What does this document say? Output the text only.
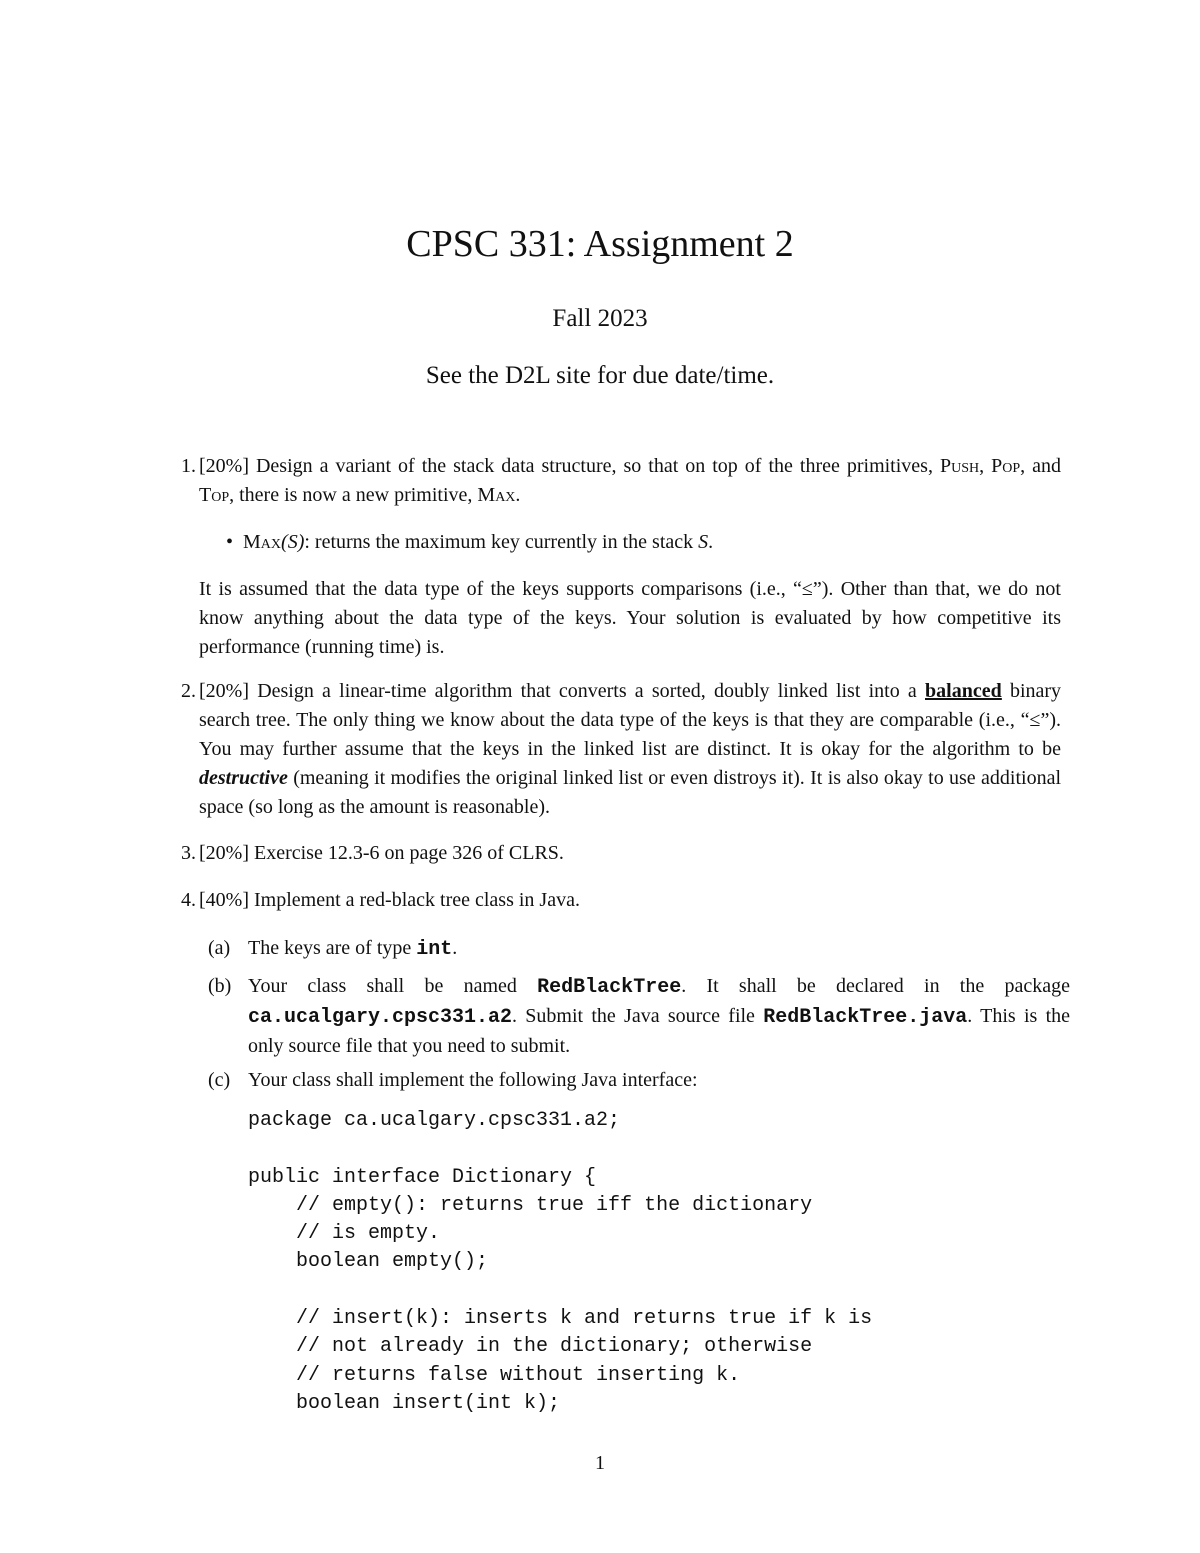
CPSC 331: Assignment 2
Fall 2023
See the D2L site for due date/time.
1. [20%] Design a variant of the stack data structure, so that on top of the three primitives, Push, Pop, and Top, there is now a new primitive, Max.
• Max(S): returns the maximum key currently in the stack S.
It is assumed that the data type of the keys supports comparisons (i.e., “≤”). Other than that, we do not know anything about the data type of the keys. Your solution is evaluated by how competitive its performance (running time) is.
2. [20%] Design a linear-time algorithm that converts a sorted, doubly linked list into a balanced binary search tree. The only thing we know about the data type of the keys is that they are comparable (i.e., “≤”). You may further assume that the keys in the linked list are distinct. It is okay for the algorithm to be destructive (meaning it modifies the original linked list or even distroys it). It is also okay to use additional space (so long as the amount is reasonable).
3. [20%] Exercise 12.3-6 on page 326 of CLRS.
4. [40%] Implement a red-black tree class in Java.
(a) The keys are of type int.
(b) Your class shall be named RedBlackTree. It shall be declared in the package ca.ucalgary.cpsc331.a2. Submit the Java source file RedBlackTree.java. This is the only source file that you need to submit.
(c) Your class shall implement the following Java interface:
package ca.ucalgary.cpsc331.a2;

public interface Dictionary {
// empty(): returns true iff the dictionary
// is empty.
boolean empty();

// insert(k): inserts k and returns true if k is
// not already in the dictionary; otherwise
// returns false without inserting k.
boolean insert(int k);
1
